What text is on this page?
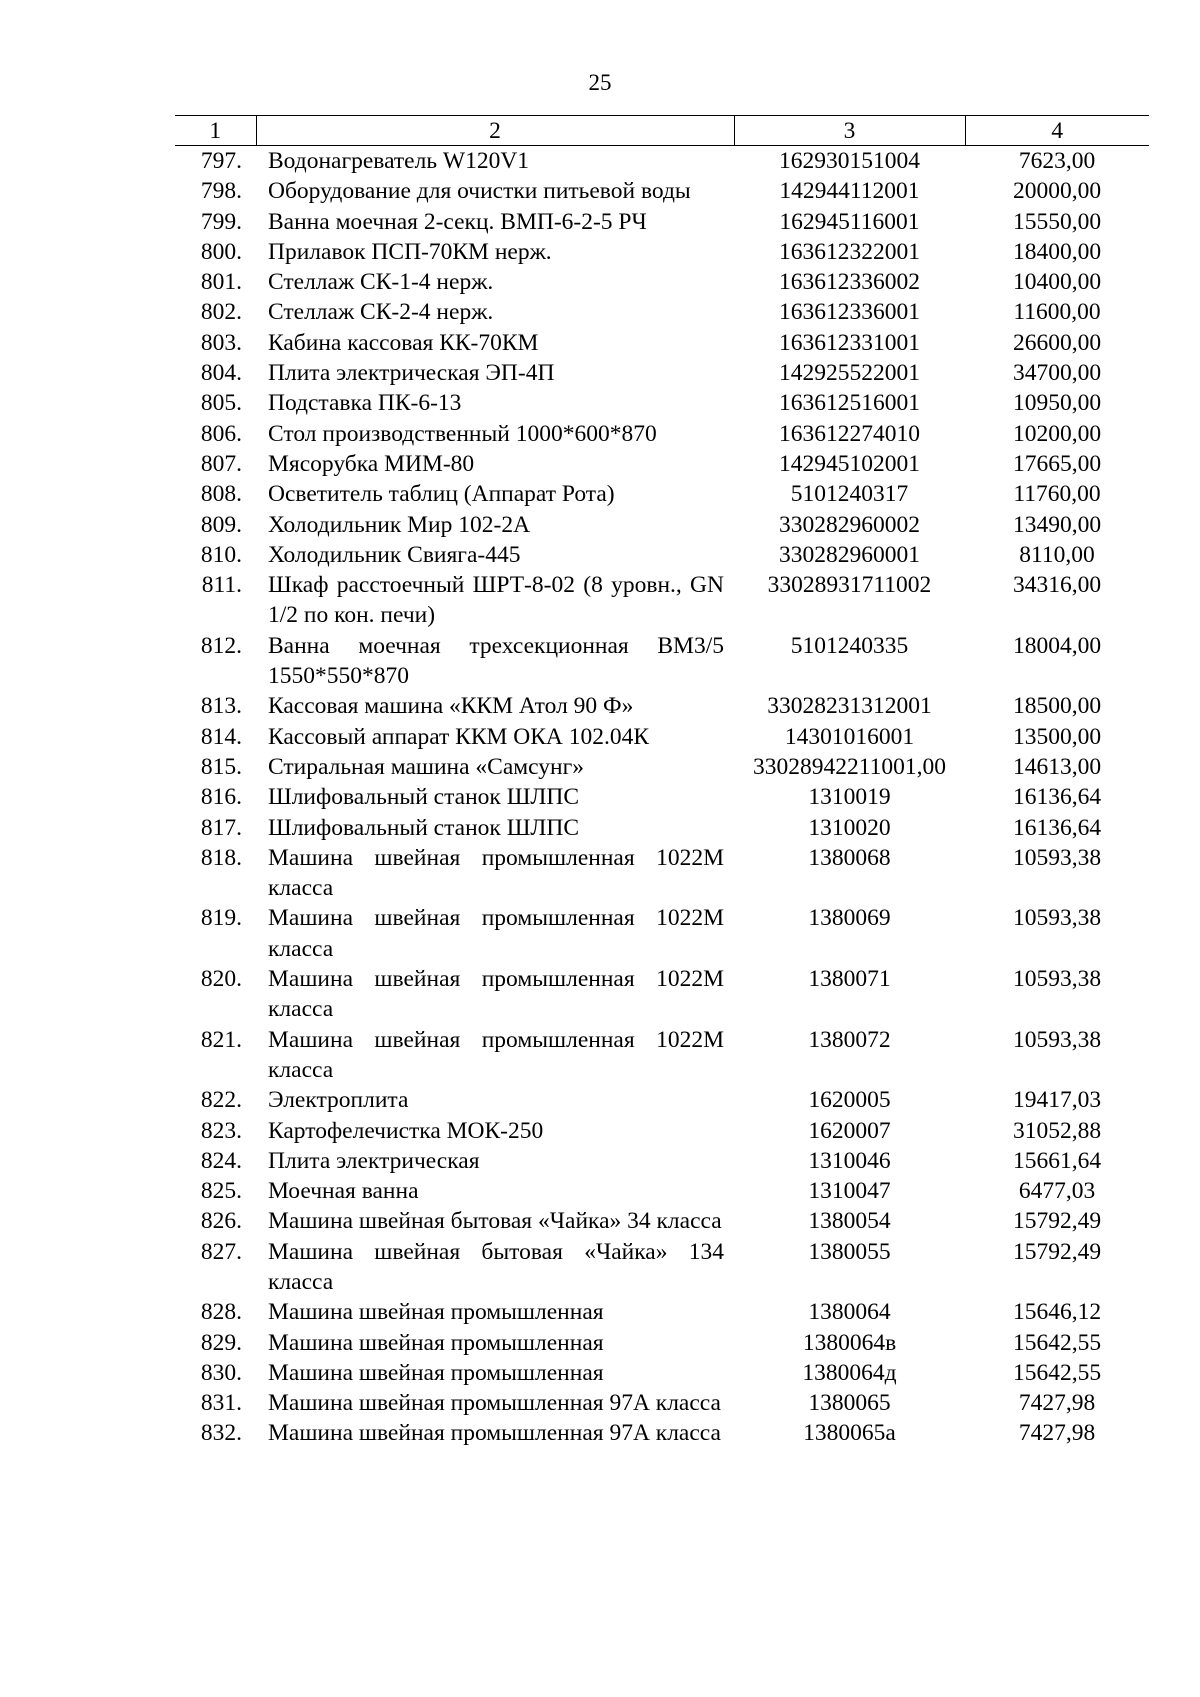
25
1	2	3	4
797.	Водонагреватель W120V1	162930151004	7623,00
798.	Оборудование для очистки питьевой воды	142944112001	20000,00
799.	Ванна моечная 2-секц. ВМП-6-2-5 РЧ	162945116001	15550,00
800.	Прилавок ПСП-70КМ нерж.	163612322001	18400,00
801.	Стеллаж СК-1-4 нерж.	163612336002	10400,00
802.	Стеллаж СК-2-4 нерж.	163612336001	11600,00
803.	Кабина кассовая КК-70КМ	163612331001	26600,00
804.	Плита электрическая ЭП-4П	142925522001	34700,00
805.	Подставка ПК-6-13	163612516001	10950,00
806.	Стол производственный 1000*600*870	163612274010	10200,00
807.	Мясорубка МИМ-80	142945102001	17665,00
808.	Осветитель таблиц (Аппарат Рота)	5101240317	11760,00
809.	Холодильник Мир 102-2А	330282960002	13490,00
810.	Холодильник Свияга-445	330282960001	8110,00
811.	Шкаф расстоечный ШРТ-8-02 (8 уровн., GN 1/2 по кон. печи)	33028931711002	34316,00
812.	Ванна моечная трехсекционная ВМ3/5 1550*550*870	5101240335	18004,00
813.	Кассовая машина «ККМ Атол 90 Ф»	33028231312001	18500,00
814.	Кассовый аппарат ККМ ОКА 102.04К	14301016001	13500,00
815.	Стиральная машина «Самсунг»	33028942211001,00	14613,00
816.	Шлифовальный станок ШЛПС	1310019	16136,64
817.	Шлифовальный станок ШЛПС	1310020	16136,64
818.	Машина швейная промышленная 1022М класса	1380068	10593,38
819.	Машина швейная промышленная 1022М класса	1380069	10593,38
820.	Машина швейная промышленная 1022М класса	1380071	10593,38
821.	Машина швейная промышленная 1022М класса	1380072	10593,38
822.	Электроплита	1620005	19417,03
823.	Картофелечистка МОК-250	1620007	31052,88
824.	Плита электрическая	1310046	15661,64
825.	Моечная ванна	1310047	6477,03
826.	Машина швейная бытовая «Чайка» 34 класса	1380054	15792,49
827.	Машина швейная бытовая «Чайка» 134 класса	1380055	15792,49
828.	Машина швейная промышленная	1380064	15646,12
829.	Машина швейная промышленная	1380064в	15642,55
830.	Машина швейная промышленная	1380064д	15642,55
831.	Машина швейная промышленная 97А класса	1380065	7427,98
832.	Машина швейная промышленная 97А класса	1380065а	7427,98
